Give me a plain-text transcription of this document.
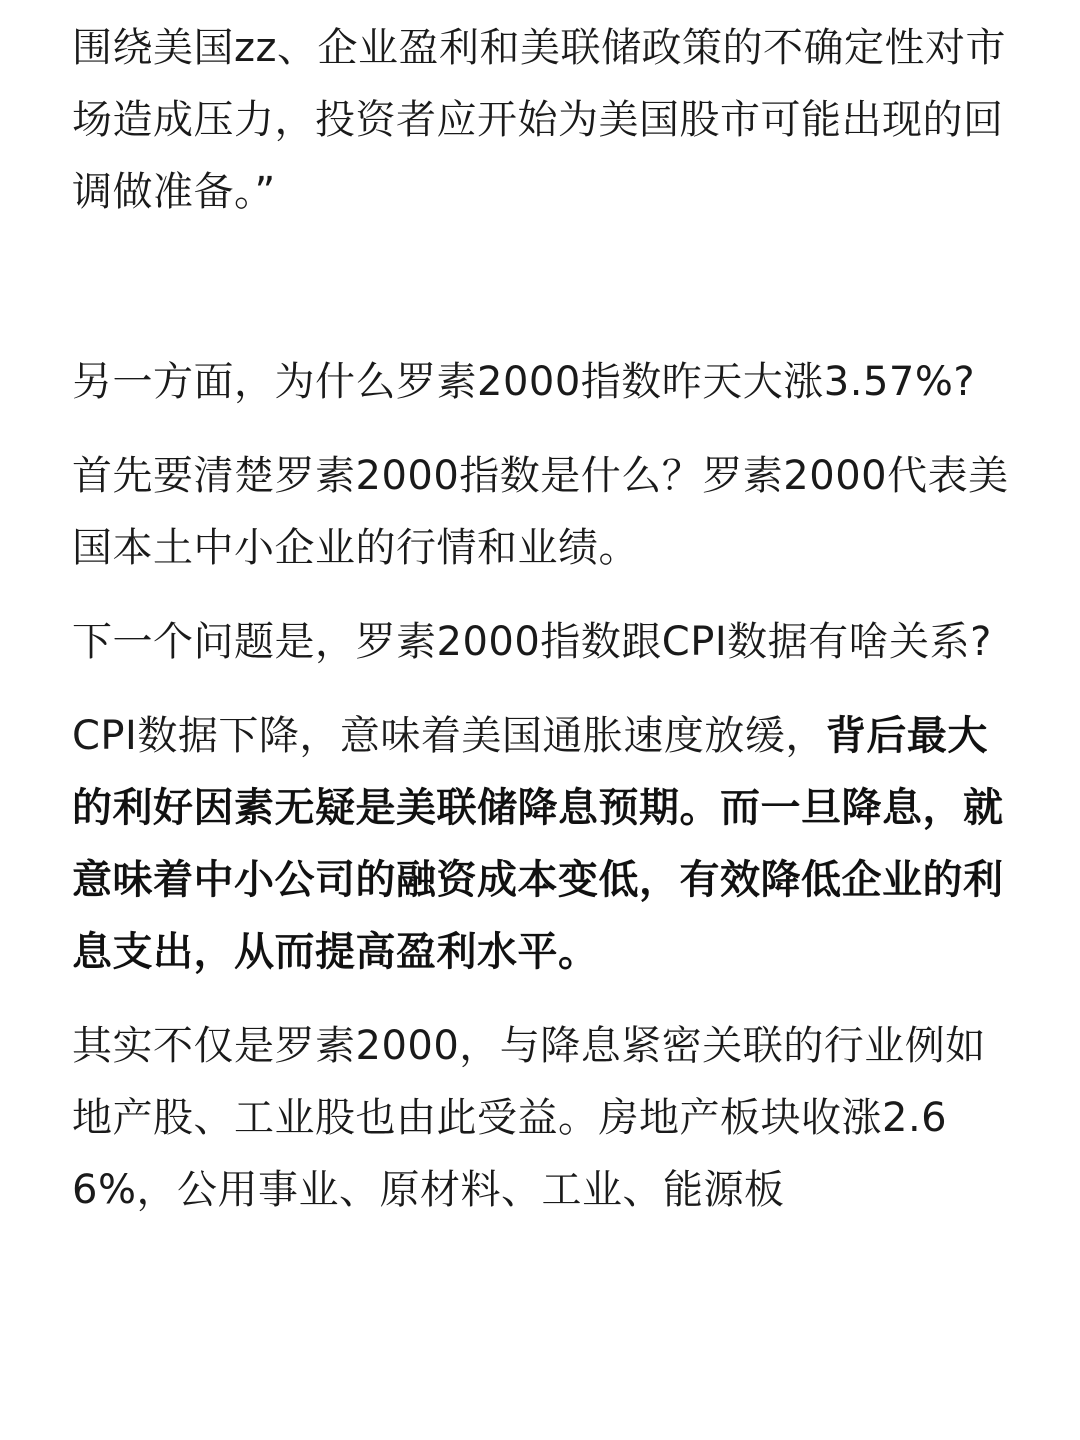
围绕美国zz、企业盈利和美联储政策的不确定性对市场造成压力，投资者应开始为美国股市可能出现的回调做准备。”

另一方面，为什么罗素2000指数昨天大涨3.57%?

首先要清楚罗素2000指数是什么？罗素2000代表美国本土中小企业的行情和业绩。

下一个问题是，罗素2000指数跟CPI数据有啥关系?

CPI数据下降，意味着美国通胀速度放缓，背后最大的利好因素无疑是美联储降息预期。而一旦降息，就意味着中小公司的融资成本变低，有效降低企业的利息支出，从而提高盈利水平。

其实不仅是罗素2000，与降息紧密关联的行业例如地产股、工业股也由此受益。房地产板块收涨2.66%，公用事业、原材料、工业、能源板
